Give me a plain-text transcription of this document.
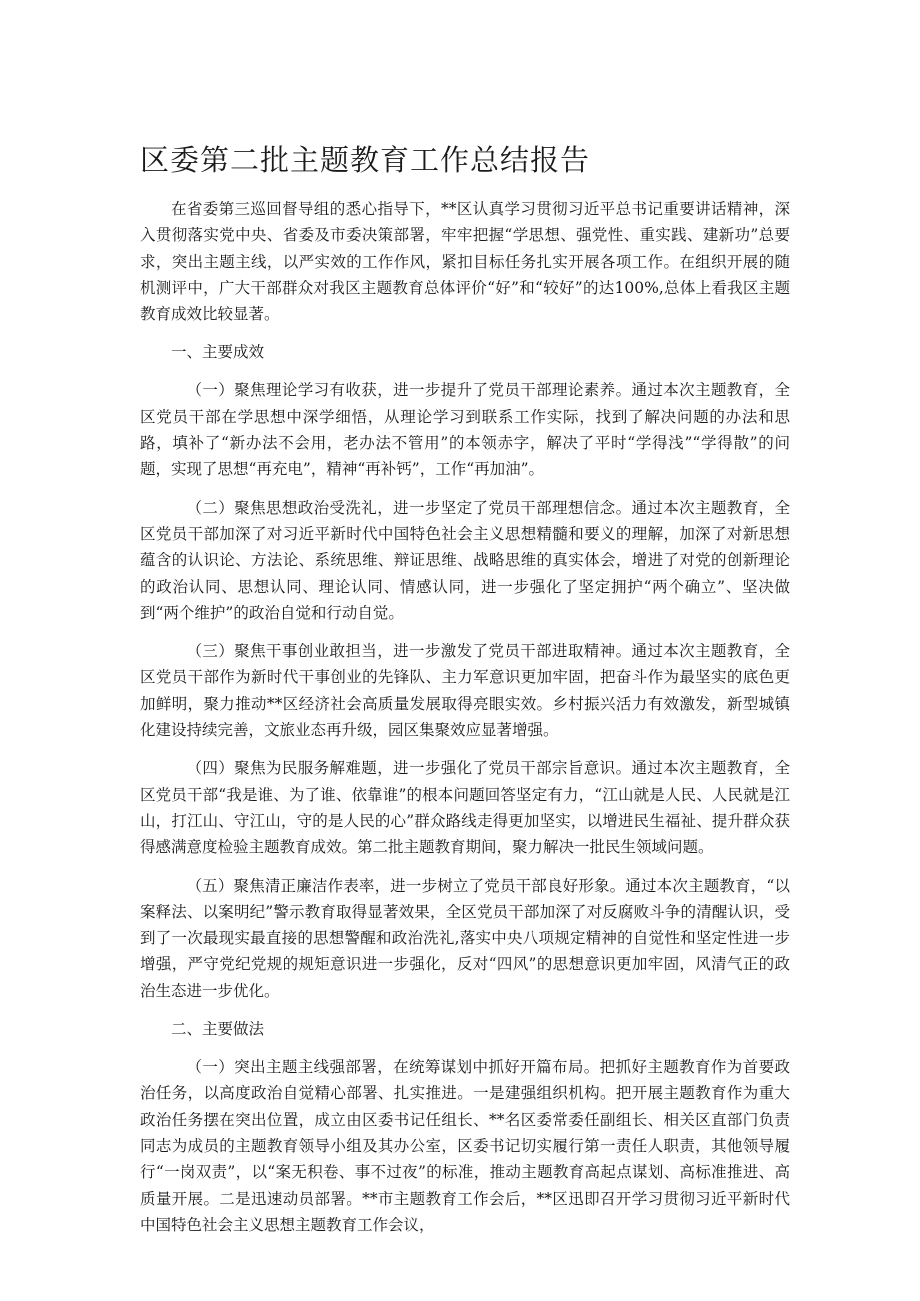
区委第二批主题教育工作总结报告

在省委第三巡回督导组的悉心指导下，**区认真学习贯彻习近平总书记重要讲话精神，深入贯彻落实党中央、省委及市委决策部署，牢牢把握“学思想、强党性、重实践、建新功”总要求，突出主题主线，以严实效的工作作风，紧扣目标任务扎实开展各项工作。在组织开展的随机测评中，广大干部群众对我区主题教育总体评价“好”和“较好”的达100%,总体上看我区主题教育成效比较显著。

一、主要成效

（一）聚焦理论学习有收获，进一步提升了党员干部理论素养。通过本次主题教育，全区党员干部在学思想中深学细悟，从理论学习到联系工作实际，找到了解决问题的办法和思路，填补了“新办法不会用，老办法不管用”的本领赤字，解决了平时“学得浅”“学得散”的问题，实现了思想“再充电”，精神“再补钙”，工作“再加油”。

（二）聚焦思想政治受洗礼，进一步坚定了党员干部理想信念。通过本次主题教育，全区党员干部加深了对习近平新时代中国特色社会主义思想精髓和要义的理解，加深了对新思想蕴含的认识论、方法论、系统思维、辩证思维、战略思维的真实体会，增进了对党的创新理论的政治认同、思想认同、理论认同、情感认同，进一步强化了坚定拥护“两个确立”、坚决做到“两个维护”的政治自觉和行动自觉。

（三）聚焦干事创业敢担当，进一步激发了党员干部进取精神。通过本次主题教育，全区党员干部作为新时代干事创业的先锋队、主力军意识更加牢固，把奋斗作为最坚实的底色更加鲜明，聚力推动**区经济社会高质量发展取得亮眼实效。乡村振兴活力有效激发，新型城镇化建设持续完善，文旅业态再升级，园区集聚效应显著增强。

（四）聚焦为民服务解难题，进一步强化了党员干部宗旨意识。通过本次主题教育，全区党员干部“我是谁、为了谁、依靠谁”的根本问题回答坚定有力，“江山就是人民、人民就是江山，打江山、守江山，守的是人民的心”群众路线走得更加坚实，以增进民生福祉、提升群众获得感满意度检验主题教育成效。第二批主题教育期间，聚力解决一批民生领域问题。

（五）聚焦清正廉洁作表率，进一步树立了党员干部良好形象。通过本次主题教育，“以案释法、以案明纪”警示教育取得显著效果，全区党员干部加深了对反腐败斗争的清醒认识，受到了一次最现实最直接的思想警醒和政治洗礼,落实中央八项规定精神的自觉性和坚定性进一步增强，严守党纪党规的规矩意识进一步强化，反对“四风”的思想意识更加牢固，风清气正的政治生态进一步优化。

二、主要做法

（一）突出主题主线强部署，在统筹谋划中抓好开篇布局。把抓好主题教育作为首要政治任务，以高度政治自觉精心部署、扎实推进。一是建强组织机构。把开展主题教育作为重大政治任务摆在突出位置，成立由区委书记任组长、**名区委常委任副组长、相关区直部门负责同志为成员的主题教育领导小组及其办公室，区委书记切实履行第一责任人职责，其他领导履行“一岗双责”，以“案无积卷、事不过夜”的标准，推动主题教育高起点谋划、高标准推进、高质量开展。二是迅速动员部署。**市主题教育工作会后，**区迅即召开学习贯彻习近平新时代中国特色社会主义思想主题教育工作会议，
